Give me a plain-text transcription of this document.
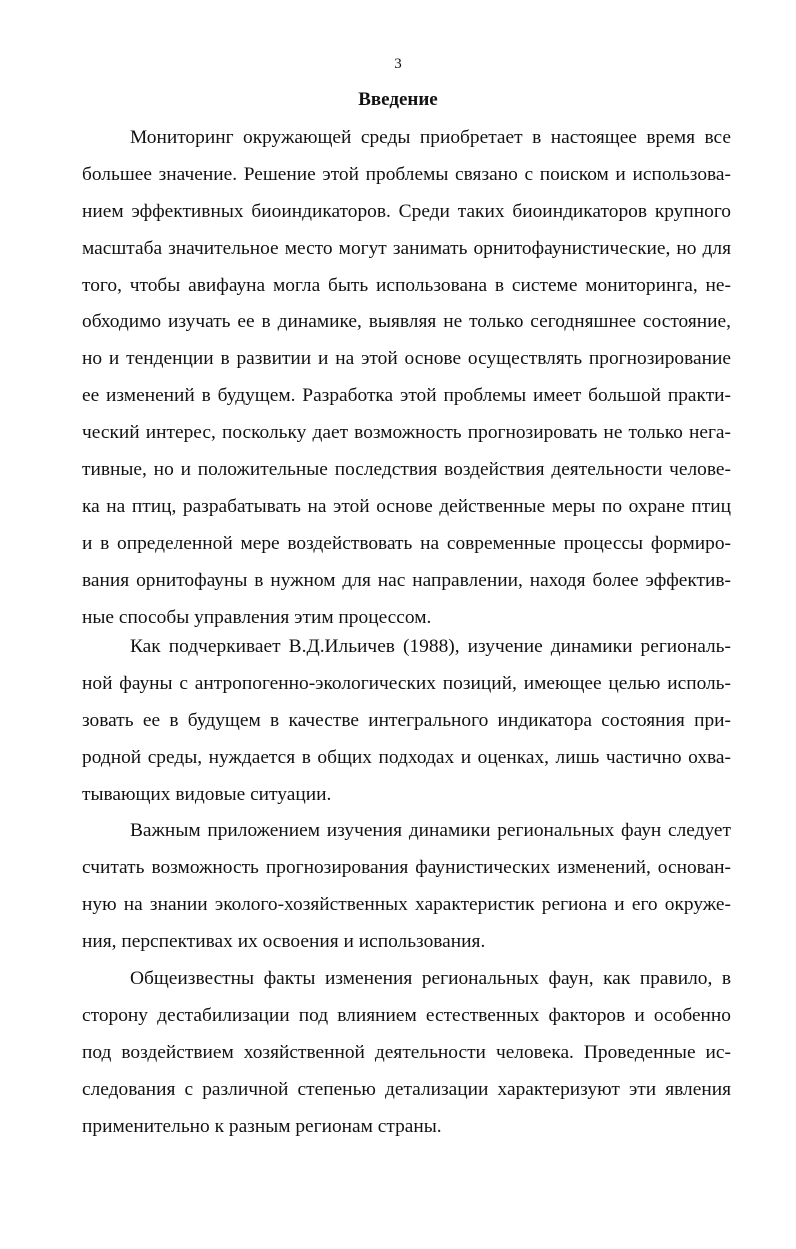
3
Введение
Мониторинг окружающей среды приобретает в настоящее время все
большее значение. Решение этой проблемы связано с поиском и использова-
нием эффективных биоиндикаторов. Среди таких биоиндикаторов крупного
масштаба значительное место могут занимать орнитофаунистические, но для
того, чтобы авифауна могла быть использована в системе мониторинга, не-
обходимо изучать ее в динамике, выявляя не только сегодняшнее состояние,
но и тенденции в развитии и на этой основе осуществлять прогнозирование
ее изменений в будущем. Разработка этой проблемы имеет большой практи-
ческий интерес, поскольку дает возможность прогнозировать не только нега-
тивные, но и положительные последствия воздействия деятельности челове-
ка на птиц, разрабатывать на этой основе действенные меры по охране птиц
и в определенной мере воздействовать на современные процессы формиро-
вания орнитофауны в нужном для нас направлении, находя более эффектив-
ные способы управления этим процессом.
Как подчеркивает В.Д.Ильичев (1988), изучение динамики региональ-
ной фауны с антропогенно-экологических позиций, имеющее целью исполь-
зовать ее в будущем в качестве интегрального индикатора состояния при-
родной среды, нуждается в общих подходах и оценках, лишь частично охва-
тывающих видовые ситуации.
Важным приложением изучения динамики региональных фаун следует
считать возможность прогнозирования фаунистических изменений, основан-
ную на знании эколого-хозяйственных характеристик региона и его окруже-
ния, перспективах их освоения и использования.
Общеизвестны факты изменения региональных фаун, как правило, в
сторону дестабилизации под влиянием естественных факторов и особенно
под воздействием хозяйственной деятельности человека. Проведенные ис-
следования с различной степенью детализации характеризуют эти явления
применительно к разным регионам страны.
